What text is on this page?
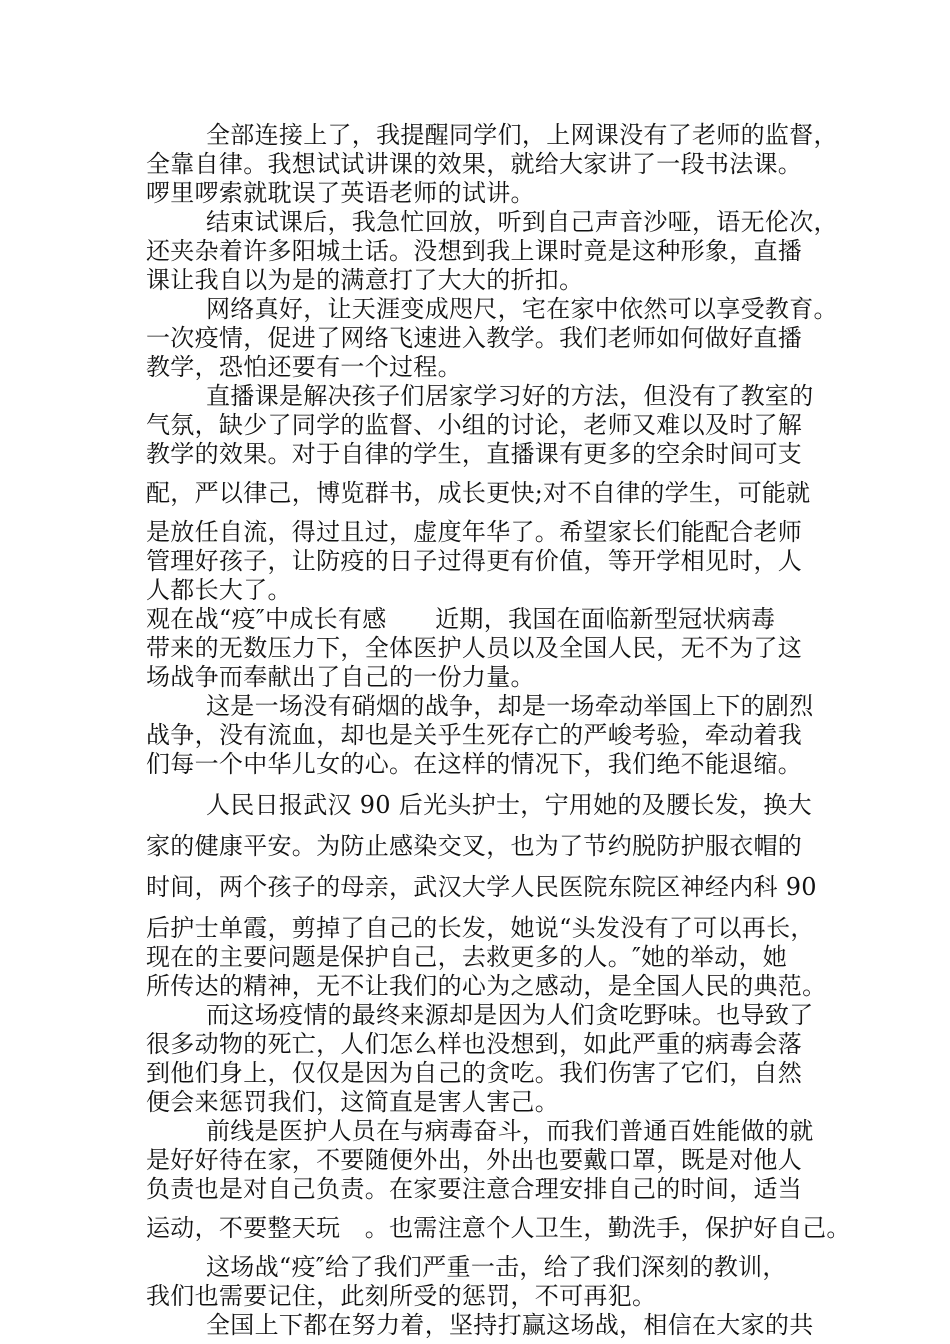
全部连接上了，我提醒同学们，上网课没有了老师的监督，

全靠自律。我想试试讲课的效果，就给大家讲了一段书法课。

啰里啰索就耽误了英语老师的试讲。

结束试课后，我急忙回放，听到自己声音沙哑，语无伦次，

还夹杂着许多阳城土话。没想到我上课时竟是这种形象，直播

课让我自以为是的满意打了大大的折扣。

网络真好，让天涯变成咫尺，宅在家中依然可以享受教育。

一次疫情，促进了网络飞速进入教学。我们老师如何做好直播

教学，恐怕还要有一个过程。

直播课是解决孩子们居家学习好的方法，但没有了教室的

气氛，缺少了同学的监督、小组的讨论，老师又难以及时了解

教学的效果。对于自律的学生，直播课有更多的空余时间可支

配，严以律己，博览群书，成长更快;对不自律的学生，可能就

是放任自流，得过且过，虚度年华了。希望家长们能配合老师

管理好孩子，让防疫的日子过得更有价值，等开学相见时，人

人都长大了。

观在战“疫″中成长有感　　近期，我国在面临新型冠状病毒

带来的无数压力下，全体医护人员以及全国人民，无不为了这

场战争而奉献出了自己的一份力量。

这是一场没有硝烟的战争，却是一场牵动举国上下的剧烈

战争，没有流血，却也是关乎生死存亡的严峻考验，牵动着我

们每一个中华儿女的心。在这样的情况下，我们绝不能退缩。

人民日报武汉 90 后光头护士，宁用她的及腰长发，换大

家的健康平安。为防止感染交叉，也为了节约脱防护服衣帽的

时间，两个孩子的母亲，武汉大学人民医院东院区神经内科 90

后护士单霞，剪掉了自己的长发，她说“头发没有了可以再长，

现在的主要问题是保护自己，去救更多的人。″她的举动，她

所传达的精神，无不让我们的心为之感动，是全国人民的典范。

而这场疫情的最终来源却是因为人们贪吃野味。也导致了

很多动物的死亡，人们怎么样也没想到，如此严重的病毒会落

到他们身上，仅仅是因为自己的贪吃。我们伤害了它们，自然

便会来惩罚我们，这简直是害人害己。

前线是医护人员在与病毒奋斗，而我们普通百姓能做的就

是好好待在家，不要随便外出，外出也要戴口罩，既是对他人

负责也是对自己负责。在家要注意合理安排自己的时间，适当

运动，不要整天玩　。也需注意个人卫生，勤洗手，保护好自己。

这场战“疫″给了我们严重一击，给了我们深刻的教训，

我们也需要记住，此刻所受的惩罚，不可再犯。

全国上下都在努力着，坚持打赢这场战，相信在大家的共
